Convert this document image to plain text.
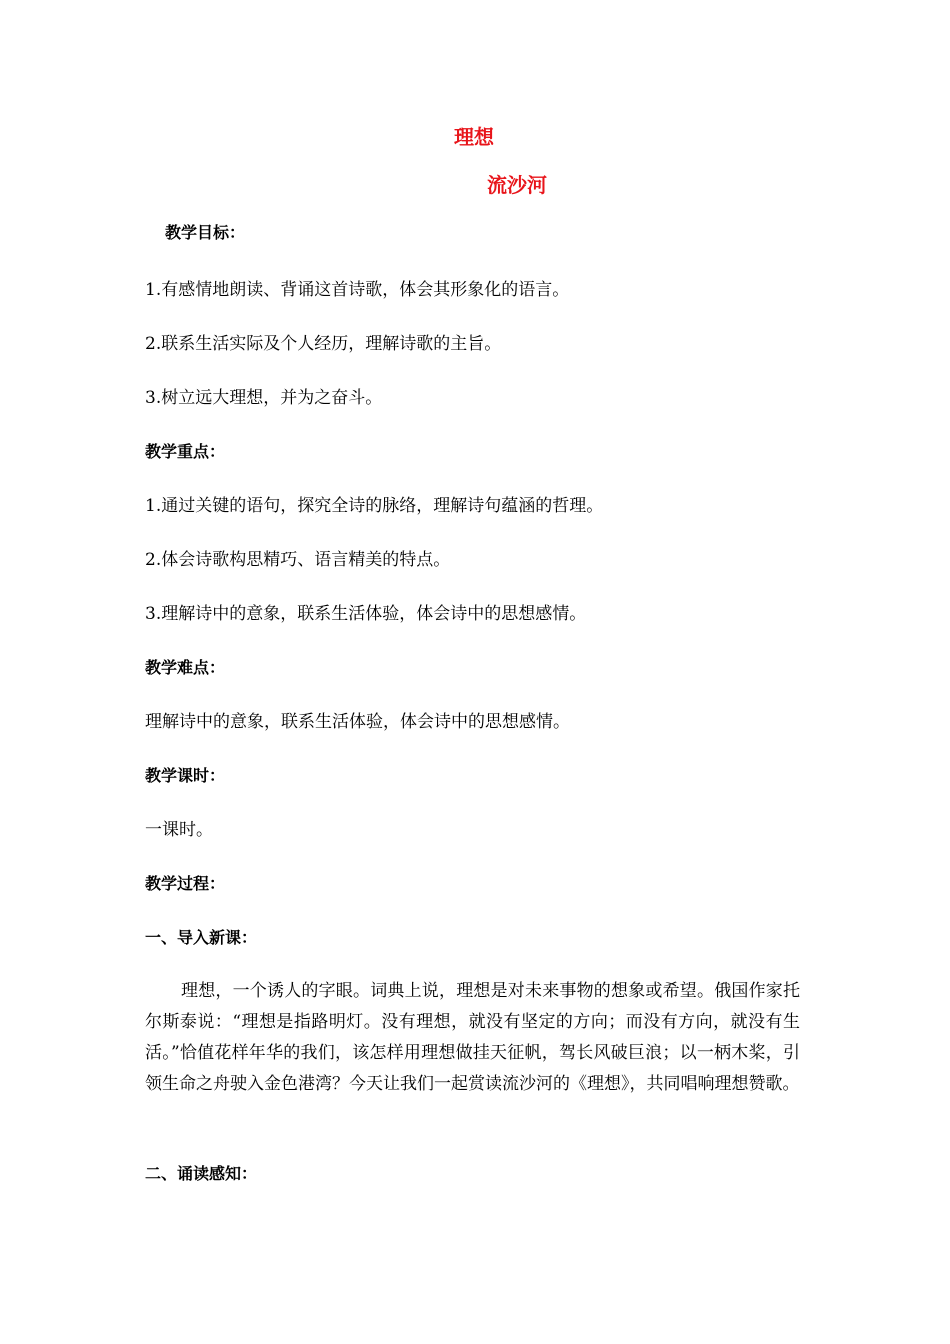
理想
流沙河
教学目标：
1.有感情地朗读、背诵这首诗歌，体会其形象化的语言。
2.联系生活实际及个人经历，理解诗歌的主旨。
3.树立远大理想，并为之奋斗。
教学重点：
1.通过关键的语句，探究全诗的脉络，理解诗句蕴涵的哲理。
2.体会诗歌构思精巧、语言精美的特点。
3.理解诗中的意象，联系生活体验，体会诗中的思想感情。
教学难点：
理解诗中的意象，联系生活体验，体会诗中的思想感情。
教学课时：
一课时。
教学过程：
一、导入新课：
理想，一个诱人的字眼。词典上说，理想是对未来事物的想象或希望。俄国作家托尔斯泰说：“理想是指路明灯。没有理想，就没有坚定的方向；而没有方向，就没有生活。”恰值花样年华的我们，该怎样用理想做挂天征帆，驾长风破巨浪；以一柄木桨，引领生命之舟驶入金色港湾？今天让我们一起赏读流沙河的《理想》，共同唱响理想赞歌。
二、诵读感知：
